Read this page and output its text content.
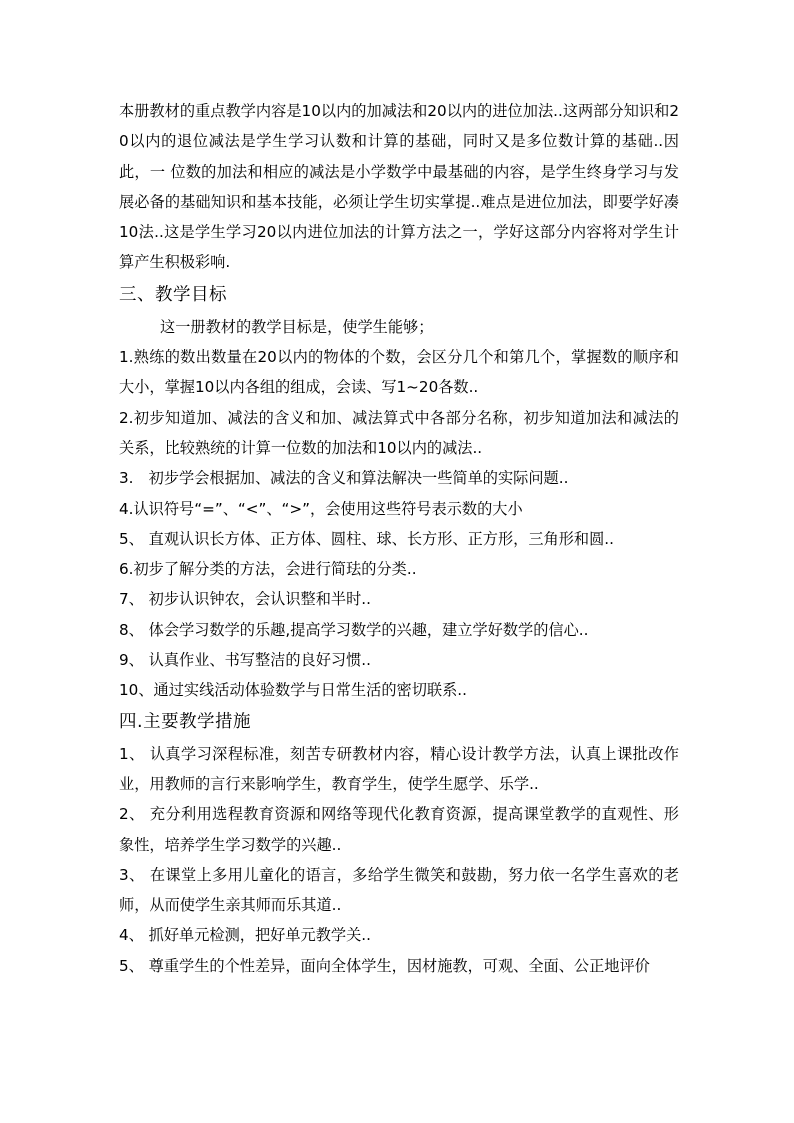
本册教材的重点教学内容是10以内的加减法和20以内的进位加法..这两部分知识和20以内的退位减法是学生学习认数和计算的基础，同时又是多位数计算的基础..因此，一 位数的加法和相应的减法是小学数学中最基础的内容，是学生终身学习与发展必备的基础知识和基本技能，必须让学生切实掌提..难点是进位加法，即要学好凑10法..这是学生学习20以内进位加法的计算方法之一，学好这部分内容将对学生计算产生积极彩响.

三、教学目标

这一册教材的教学目标是，使学生能够；

1.熟练的数出数量在20以内的物体的个数，会区分几个和第几个，掌握数的顺序和大小，掌握10以内各组的组成，会读、写1~20各数..

2.初步知道加、减法的含义和加、减法算式中各部分名称，初步知道加法和减法的关系，比较熟统的计算一位数的加法和10以内的减法..

3.　初步学会根据加、减法的含义和算法解决一些简单的实际问题..

4.认识符号“=”、“<”、“>”，会使用这些符号表示数的大小

5、 直观认识长方体、正方体、圆柱、球、长方形、正方形，三角形和圆..

6.初步了解分类的方法，会进行简珐的分类..

7、 初步认识钟农，会认识整和半时..

8、 体会学习数学的乐趣,提高学习数学的兴趣，建立学好数学的信心..

9、 认真作业、书写整洁的良好习惯..

10、通过实线活动体验数学与日常生活的密切联系..

四.主要教学措施

1、 认真学习深程标准，刻苦专研教材内容，精心设计教学方法，认真上课批改作业，用教师的言行来影响学生，教育学生，使学生愿学、乐学..

2、 充分利用选程教育资源和网络等现代化教育资源，提高课堂教学的直观性、形象性，培养学生学习数学的兴趣..

3、 在课堂上多用儿童化的语言，多给学生微笑和鼓勘，努力依一名学生喜欢的老师，从而使学生亲其师而乐其道..

4、 抓好单元检测，把好单元教学关..

5、 尊重学生的个性差异，面向全体学生，因材施教，可观、全面、公正地评价
